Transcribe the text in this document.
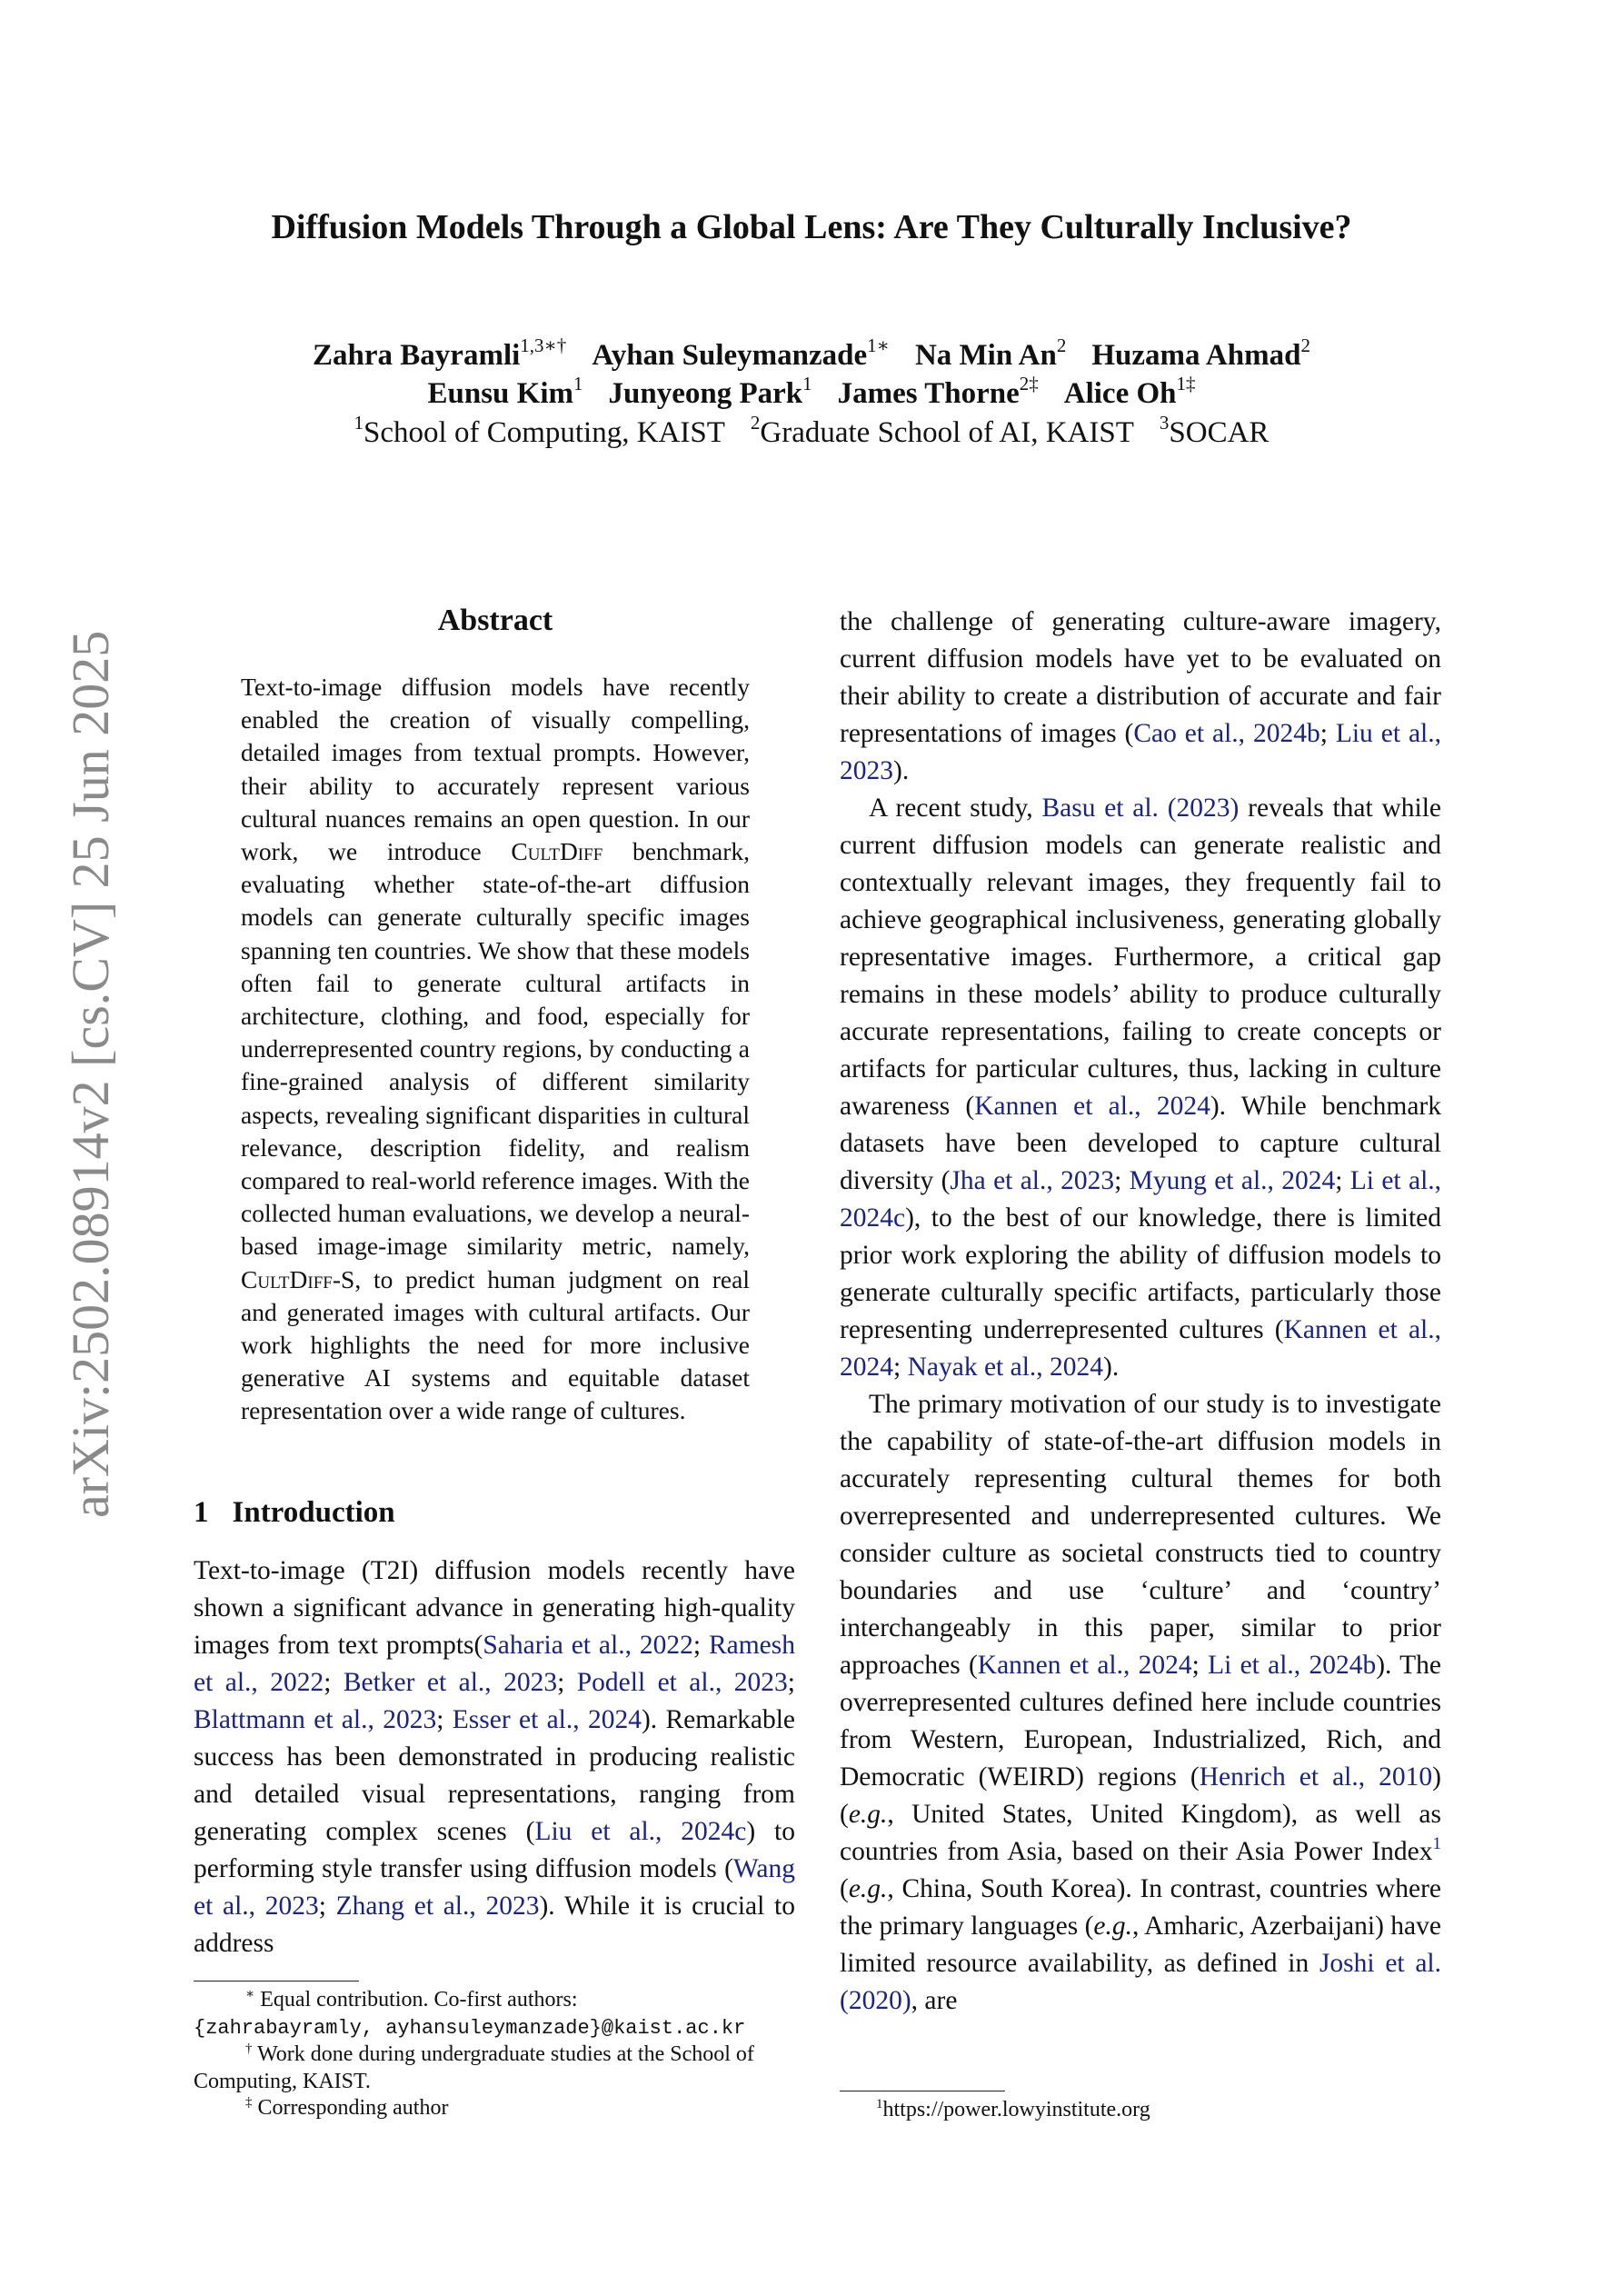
arXiv:2502.08914v2 [cs.CV] 25 Jun 2025
Diffusion Models Through a Global Lens: Are They Culturally Inclusive?
Zahra Bayramli$^{1,3∗\dagger}$ Ayhan Suleymanzade$^{1∗}$ Na Min An$^2$ Huzama Ahmad$^2$
Eunsu Kim$^1$ Junyeong Park$^1$ James Thorne$^{2\ddagger}$ Alice $Oh^{1\ddagger}$
$^1$School of Computing, KAIST $^2$Graduate School of AI, KAIST $^3$SOCAR
Abstract
Text-to-image diffusion models have recently enabled the creation of visually compelling, detailed images from textual prompts. However, their ability to accurately represent various cultural nuances remains an open question. In our work, we introduce CultDiff benchmark, evaluating whether state-of-the-art diffusion models can generate culturally specific images spanning ten countries. We show that these models often fail to generate cultural artifacts in architecture, clothing, and food, especially for underrepresented country regions, by conducting a fine-grained analysis of different similarity aspects, revealing significant disparities in cultural relevance, description fidelity, and realism compared to real-world reference images. With the collected human evaluations, we develop a neural-based image-image similarity metric, namely, CultDiff-S, to predict human judgment on real and generated images with cultural artifacts. Our work highlights the need for more inclusive generative AI systems and equitable dataset representation over a wide range of cultures.
1 Introduction

Text-to-image (T2I) diffusion models recently have shown a significant advance in generating high-quality images from text prompts(Saharia et al., 2022; Ramesh et al., 2022; Betker et al., 2023; Podell et al., 2023; Blattmann et al., 2023; Esser et al., 2024). Remarkable success has been demonstrated in producing realistic and detailed visual representations, ranging from generating complex scenes (Liu et al., 2024c) to performing style transfer using diffusion models (Wang et al., 2023; Zhang et al., 2023). While it is crucial to address

∗ Equal contribution. Co-first authors:

{zahrabayramly, ayhansuleymanzade}@kaist.ac.kr

† Work done during undergraduate studies at the School of Computing, KAIST.

‡ Corresponding author

the challenge of generating culture-aware imagery, current diffusion models have yet to be evaluated on their ability to create a distribution of accurate and fair representations of images (Cao et al., 2024b; Liu et al., 2023).

A recent study, Basu et al. (2023) reveals that while current diffusion models can generate realistic and contextually relevant images, they frequently fail to achieve geographical inclusiveness, generating globally representative images. Furthermore, a critical gap remains in these models’ ability to produce culturally accurate representations, failing to create concepts or artifacts for particular cultures, thus, lacking in culture awareness (Kannen et al., 2024). While benchmark datasets have been developed to capture cultural diversity (Jha et al., 2023; Myung et al., 2024; Li et al., 2024c), to the best of our knowledge, there is limited prior work exploring the ability of diffusion models to generate culturally specific artifacts, particularly those representing underrepresented cultures (Kannen et al., 2024; Nayak et al., 2024).

The primary motivation of our study is to investigate the capability of state-of-the-art diffusion models in accurately representing cultural themes for both overrepresented and underrepresented cultures. We consider culture as societal constructs tied to country boundaries and use ‘culture’ and ‘country’ interchangeably in this paper, similar to prior approaches (Kannen et al., 2024; Li et al., 2024b). The overrepresented cultures defined here include countries from Western, European, Industrialized, Rich, and Democratic (WEIRD) regions (Henrich et al., 2010) (e.g., United States, United Kingdom), as well as countries from Asia, based on their Asia Power Index$^1$ (e.g., China, South Korea). In contrast, countries where the primary languages (e.g., Amharic, Azerbaijani) have limited resource availability, as defined in Joshi et al. (2020), are

$^1$https://power.lowyinstitute.org
